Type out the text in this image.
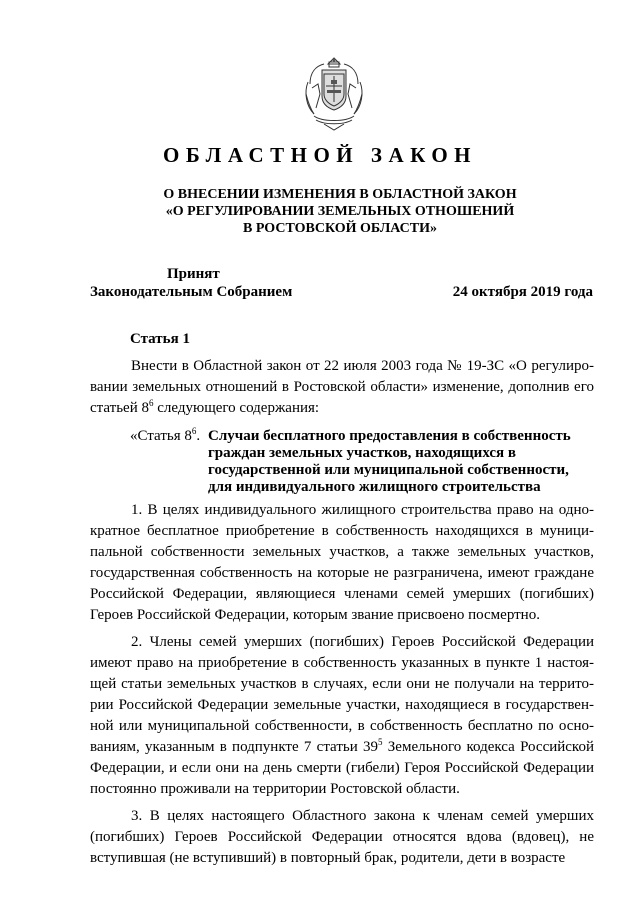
ОБЛАСТНОЙ ЗАКОН
О ВНЕСЕНИИ ИЗМЕНЕНИЯ В ОБЛАСТНОЙ ЗАКОН
«О РЕГУЛИРОВАНИИ ЗЕМЕЛЬНЫХ ОТНОШЕНИЙ
В РОСТОВСКОЙ ОБЛАСТИ»
Принят
Законодательным Собранием	24 октября 2019 года
Статья 1

Внести в Областной закон от 22 июля 2003 года № 19-ЗС «О регулиро-вании земельных отношений в Ростовской области» изменение, дополнив его статьей $8^6$ следующего содержания:

«Статья $8^6$. Случаи бесплатного предоставления в собственность
граждан земельных участков, находящихся в
государственной или муниципальной собственности,
для индивидуального жилищного строительства

1. В целях индивидуального жилищного строительства право на одно-кратное бесплатное приобретение в собственность находящихся в муници-пальной собственности земельных участков, а также земельных участков, государственная собственность на которые не разграничена, имеют граждане Российской Федерации, являющиеся членами семей умерших (погибших) Героев Российской Федерации, которым звание присвоено посмертно.

2. Члены семей умерших (погибших) Героев Российской Федерации имеют право на приобретение в собственность указанных в пункте 1 настоя-щей статьи земельных участков в случаях, если они не получали на террито-рии Российской Федерации земельные участки, находящиеся в государствен-ной или муниципальной собственности, в собственность бесплатно по осно-ваниям, указанным в подпункте 7 статьи $39^5$ Земельного кодекса Российской Федерации, и если они на день смерти (гибели) Героя Российской Федерации постоянно проживали на территории Ростовской области.

3. В целях настоящего Областного закона к членам семей умерших (погибших) Героев Российской Федерации относятся вдова (вдовец), не вступившая (не вступивший) в повторный брак, родители, дети в возрасте
